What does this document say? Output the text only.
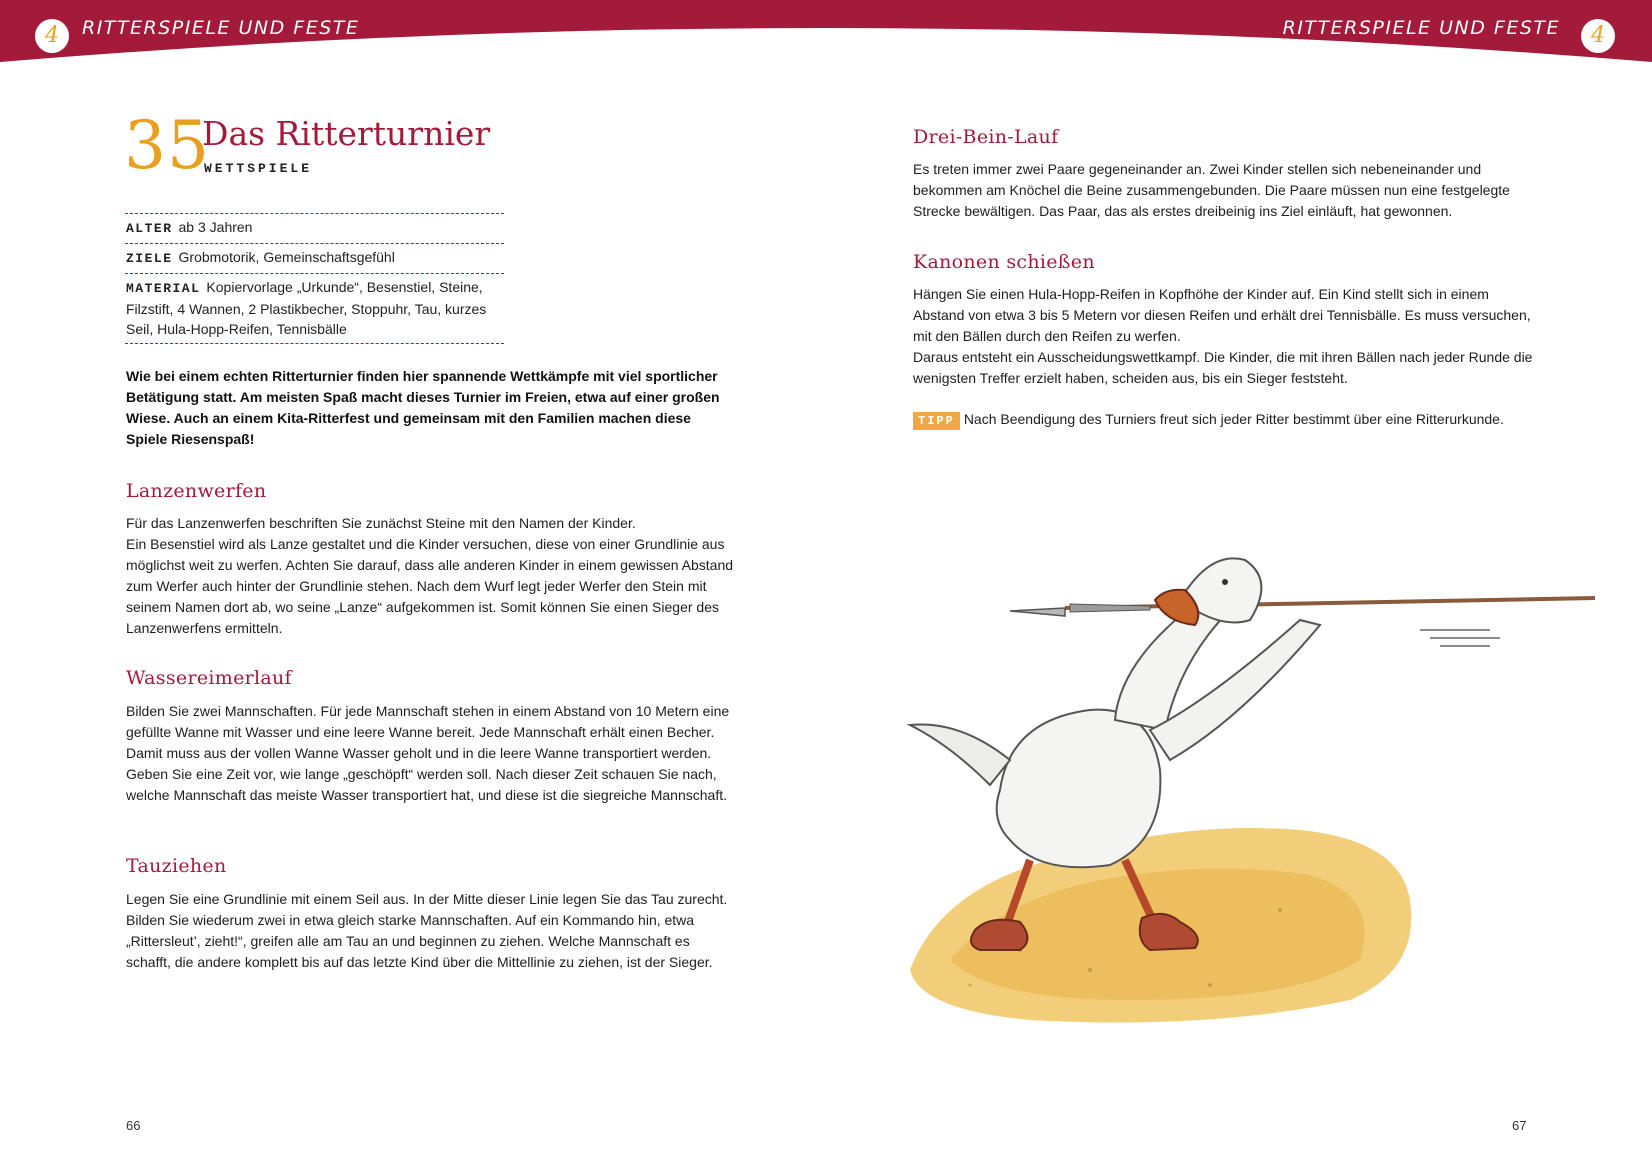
4	RITTERSPIELE UND FESTE	RITTERSPIELE UND FESTE	4
35
Das Ritterturnier
WETTSPIELE
ALTER ab 3 Jahren
ZIELE Grobmotorik, Gemeinschaftsgefühl
MATERIAL Kopiervorlage „Urkunde“, Besenstiel, Steine, Filzstift, 4 Wannen, 2 Plastikbecher, Stoppuhr, Tau, kurzes Seil, Hula-Hopp-Reifen, Tennisbälle
Wie bei einem echten Ritterturnier finden hier spannende Wettkämpfe mit viel sportlicher Betätigung statt. Am meisten Spaß macht dieses Turnier im Freien, etwa auf einer großen Wiese. Auch an einem Kita-Ritterfest und gemeinsam mit den Familien machen diese Spiele Riesenspaß!
Lanzenwerfen

Für das Lanzenwerfen beschriften Sie zunächst Steine mit den Namen der Kinder.

Ein Besenstiel wird als Lanze gestaltet und die Kinder versuchen, diese von einer Grundlinie aus möglichst weit zu werfen. Achten Sie darauf, dass alle anderen Kinder in einem gewissen Abstand zum Werfer auch hinter der Grundlinie stehen. Nach dem Wurf legt jeder Werfer den Stein mit seinem Namen dort ab, wo seine „Lanze“ aufgekommen ist. Somit können Sie einen Sieger des Lanzenwerfens ermitteln.

Wassereimerlauf

Bilden Sie zwei Mannschaften. Für jede Mannschaft stehen in einem Abstand von 10 Metern eine gefüllte Wanne mit Wasser und eine leere Wanne bereit. Jede Mannschaft erhält einen Becher. Damit muss aus der vollen Wanne Wasser geholt und in die leere Wanne transportiert werden. Geben Sie eine Zeit vor, wie lange „geschöpft“ werden soll. Nach dieser Zeit schauen Sie nach, welche Mannschaft das meiste Wasser transportiert hat, und diese ist die siegreiche Mannschaft.

Tauziehen

Legen Sie eine Grundlinie mit einem Seil aus. In der Mitte dieser Linie legen Sie das Tau zurecht. Bilden Sie wiederum zwei in etwa gleich starke Mannschaften. Auf ein Kommando hin, etwa „Rittersleut’, zieht!“, greifen alle am Tau an und beginnen zu ziehen. Welche Mannschaft es schafft, die andere komplett bis auf das letzte Kind über die Mittellinie zu ziehen, ist der Sieger.

Drei-Bein-Lauf

Es treten immer zwei Paare gegeneinander an. Zwei Kinder stellen sich nebeneinander und bekommen am Knöchel die Beine zusammengebunden. Die Paare müssen nun eine festgelegte Strecke bewältigen. Das Paar, das als erstes dreibeinig ins Ziel einläuft, hat gewonnen.

Kanonen schießen

Hängen Sie einen Hula-Hopp-Reifen in Kopfhöhe der Kinder auf. Ein Kind stellt sich in einem Abstand von etwa 3 bis 5 Metern vor diesen Reifen und erhält drei Tennisbälle. Es muss versuchen, mit den Bällen durch den Reifen zu werfen.

Daraus entsteht ein Ausscheidungswettkampf. Die Kinder, die mit ihren Bällen nach jeder Runde die wenigsten Treffer erzielt haben, scheiden aus, bis ein Sieger feststeht.

TIPP Nach Beendigung des Turniers freut sich jeder Ritter bestimmt über eine Ritterurkunde.
66	67
